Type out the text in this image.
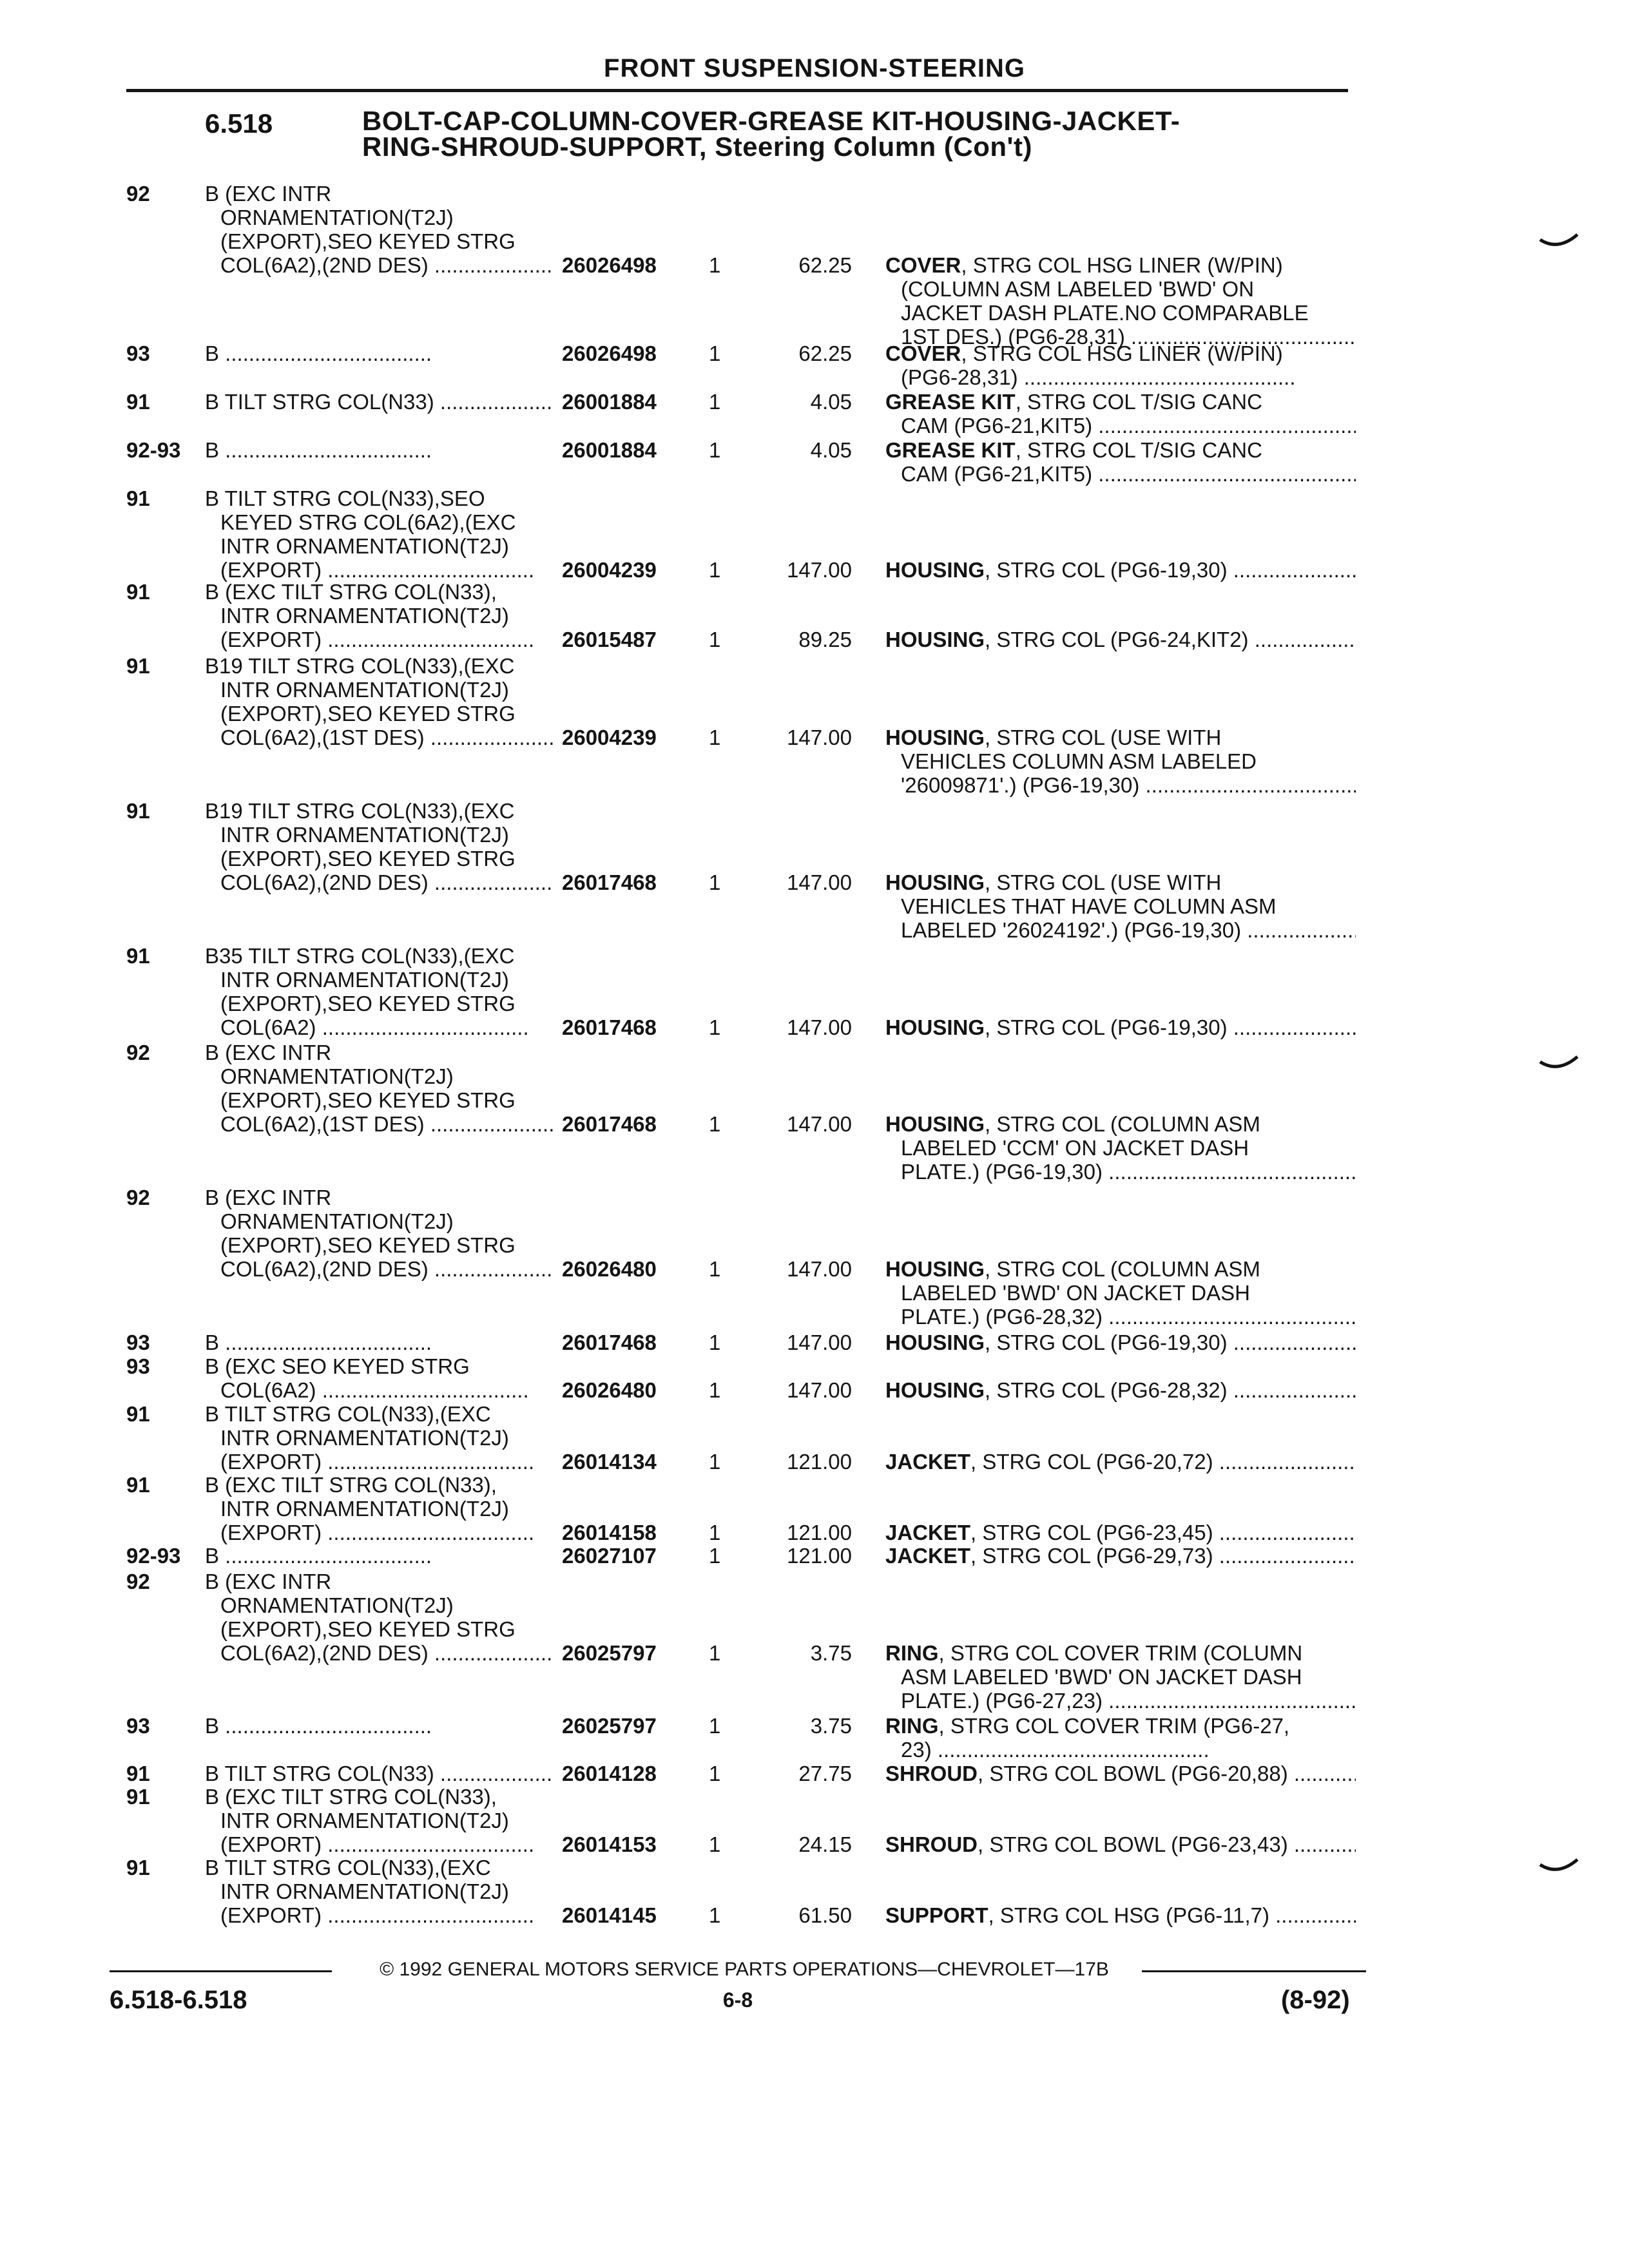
FRONT SUSPENSION-STEERING
6.518	BOLT-CAP-COLUMN-COVER-GREASE KIT-HOUSING-JACKET-
RING-SHROUD-SUPPORT, Steering Column (Con't)
92	B (EXC INTR
ORNAMENTATION(T2J)
(EXPORT),SEO KEYED STRG
COL(6A2),(2ND DES) .....	26026498 1	62.25 COVER, STRG COL HSG LINER (W/PIN)
(COLUMN ASM LABELED 'BWD' ON
JACKET DASH PLATE.NO COMPARABLE
1ST DES.) (PG6-28,31) .....
93	B .....	26026498 1	62.25 COVER, STRG COL HSG LINER (W/PIN)
(PG6-28,31) .....
91	B TILT STRG COL(N33) .....	26001884 1	4.05 GREASE KIT, STRG COL T/SIG CANC
CAM (PG6-21,KIT5) .....
92-93 B .....	26001884 1	4.05 GREASE KIT, STRG COL T/SIG CANC
CAM (PG6-21,KIT5) .....
91	B TILT STRG COL(N33),SEO
KEYED STRG COL(6A2),(EXC
INTR ORNAMENTATION(T2J)
(EXPORT) .....	26004239 1	147.00 HOUSING, STRG COL (PG6-19,30) .....
91	B (EXC TILT STRG COL(N33),
INTR ORNAMENTATION(T2J)
(EXPORT) .....	26015487 1	89.25 HOUSING, STRG COL (PG6-24,KIT2) .....
91	B19 TILT STRG COL(N33),(EXC
INTR ORNAMENTATION(T2J)
(EXPORT),SEO KEYED STRG
COL(6A2),(1ST DES) .....	26004239 1	147.00 HOUSING, STRG COL (USE WITH
VEHICLES COLUMN ASM LABELED
'26009871'.) (PG6-19,30) .....
91	B19 TILT STRG COL(N33),(EXC
INTR ORNAMENTATION(T2J)
(EXPORT),SEO KEYED STRG
COL(6A2),(2ND DES) .....	26017468 1	147.00 HOUSING, STRG COL (USE WITH
VEHICLES THAT HAVE COLUMN ASM
LABELED '26024192'.) (PG6-19,30) .....
91	B35 TILT STRG COL(N33),(EXC
INTR ORNAMENTATION(T2J)
(EXPORT),SEO KEYED STRG
COL(6A2) .....	26017468 1	147.00 HOUSING, STRG COL (PG6-19,30) .....
92	B (EXC INTR
ORNAMENTATION(T2J)
(EXPORT),SEO KEYED STRG
COL(6A2),(1ST DES) .....	26017468 1	147.00 HOUSING, STRG COL (COLUMN ASM
LABELED 'CCM' ON JACKET DASH
PLATE.) (PG6-19,30) .....
92	B (EXC INTR
ORNAMENTATION(T2J)
(EXPORT),SEO KEYED STRG
COL(6A2),(2ND DES) .....	26026480 1	147.00 HOUSING, STRG COL (COLUMN ASM
LABELED 'BWD' ON JACKET DASH
PLATE.) (PG6-28,32) .....
93	B .....	26017468 1	147.00 HOUSING, STRG COL (PG6-19,30) .....
93	B (EXC SEO KEYED STRG
COL(6A2) .....	26026480 1	147.00 HOUSING, STRG COL (PG6-28,32) .....
91	B TILT STRG COL(N33),(EXC
INTR ORNAMENTATION(T2J)
(EXPORT) .....	26014134 1	121.00 JACKET, STRG COL (PG6-20,72) .....
91	B (EXC TILT STRG COL(N33),
INTR ORNAMENTATION(T2J)
(EXPORT) .....	26014158 1	121.00 JACKET, STRG COL (PG6-23,45) .....
92-93 B .....	26027107 1	121.00 JACKET, STRG COL (PG6-29,73) .....
92	B (EXC INTR
ORNAMENTATION(T2J)
(EXPORT),SEO KEYED STRG
COL(6A2),(2ND DES) .....	26025797 1	3.75 RING, STRG COL COVER TRIM (COLUMN
ASM LABELED 'BWD' ON JACKET DASH
PLATE.) (PG6-27,23) .....
93	B .....	26025797 1	3.75 RING, STRG COL COVER TRIM (PG6-27,
23) .....
91	B TILT STRG COL(N33) .....	26014128 1	27.75 SHROUD, STRG COL BOWL (PG6-20,88) .....
91	B (EXC TILT STRG COL(N33),
INTR ORNAMENTATION(T2J)
(EXPORT) .....	26014153 1	24.15 SHROUD, STRG COL BOWL (PG6-23,43) .....
91	B TILT STRG COL(N33),(EXC
INTR ORNAMENTATION(T2J)
(EXPORT) .....	26014145 1	61.50 SUPPORT, STRG COL HSG (PG6-11,7) .....
© 1992 GENERAL MOTORS SERVICE PARTS OPERATIONS—CHEVROLET—17B
6.518-6.518	6-8	(8-92)
